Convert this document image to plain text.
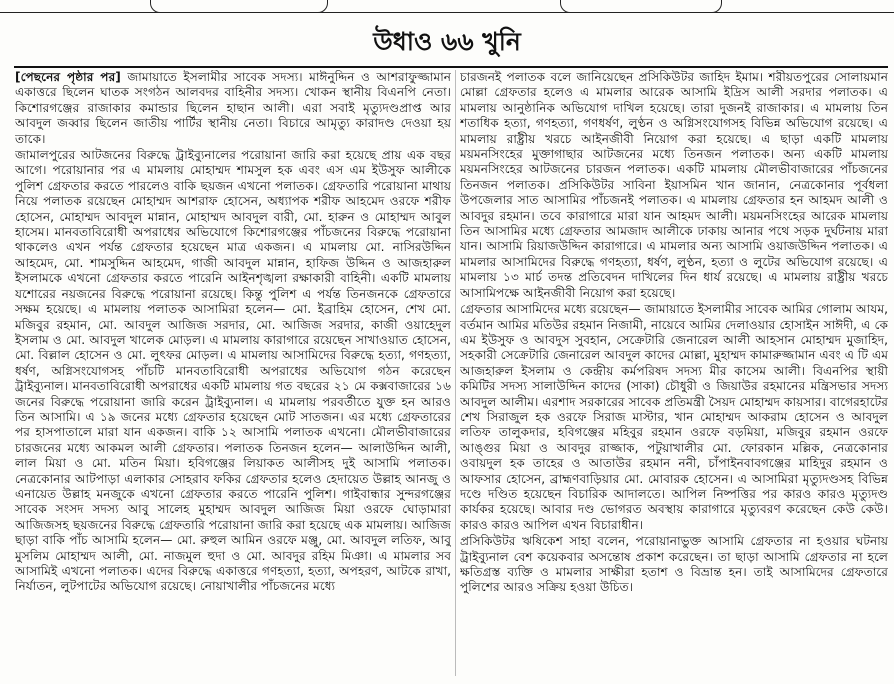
উধাও ৬৬ খুনি

[পেছনের পৃষ্ঠার পর] জামায়াতে ইসলামীর সাবেক সদস্য। মাঈনুদ্দিন ও আশরাফুজ্জামান একাত্তরে ছিলেন ঘাতক সংগঠন আলবদর বাহিনীর সদস্য। খোকন স্থানীয় বিএনপি নেতা। কিশোরগঞ্জের রাজাকার কমান্ডার ছিলেন হাছান আলী। এরা সবাই মৃত্যুদণ্ডপ্রাপ্ত আর আবদুল জব্বার ছিলেন জাতীয় পার্টির স্থানীয় নেতা। বিচারে আমৃত্যু কারাদণ্ড দেওয়া হয় তাকে।

জামালপুরের আটজনের বিরুদ্ধে ট্রাইব্যুনালের পরোয়ানা জারি করা হয়েছে প্রায় এক বছর আগে। পরোয়ানার পর এ মামলায় মোহাম্মদ শামসুল হক এবং এস এম ইউসুফ আলীকে পুলিশ গ্রেফতার করতে পারলেও বাকি ছয়জন এখনো পলাতক। গ্রেফতারি পরোয়ানা মাথায় নিয়ে পলাতক রয়েছেন মোহাম্মদ আশরাফ হোসেন, অধ্যাপক শরীফ আহমেদ ওরফে শরীফ হোসেন, মোহাম্মদ আবদুল মান্নান, মোহাম্মদ আবদুল বারী, মো. হারুন ও মোহাম্মদ আবুল হাসেম। মানবতাবিরোধী অপরাধের অভিযোগে কিশোরগঞ্জের পাঁচজনের বিরুদ্ধে পরোয়ানা থাকলেও এখন পর্যন্ত গ্রেফতার হয়েছেন মাত্র একজন। এ মামলায় মো. নাসিরউদ্দিন আহমেদ, মো. শামসুদ্দিন আহমেদ, গাজী আবদুল মান্নান, হাফিজ উদ্দিন ও আজহারুল ইসলামকে এখনো গ্রেফতার করতে পারেনি আইনশৃঙ্খলা রক্ষাকারী বাহিনী। একটি মামলায় যশোরের নয়জনের বিরুদ্ধে পরোয়ানা রয়েছে। কিন্তু পুলিশ এ পর্যন্ত তিনজনকে গ্রেফতারে সক্ষম হয়েছে। এ মামলায় পলাতক আসামিরা হলেন— মো. ইব্রাহিম হোসেন, শেখ মো. মজিবুর রহমান, মো. আবদুল আজিজ সরদার, মো. আজিজ সরদার, কাজী ওয়াহেদুল ইসলাম ও মো. আবদুল খালেক মোড়ল। এ মামলায় কারাগারে রয়েছেন সাখাওয়াত হোসেন, মো. বিল্লাল হোসেন ও মো. লুৎফর মোড়ল। এ মামলায় আসামিদের বিরুদ্ধে হত্যা, গণহত্যা, ধর্ষণ, অগ্নিসংযোগসহ পাঁচটি মানবতাবিরোধী অপরাধের অভিযোগ গঠন করেছেন ট্রাইব্যুনাল। মানবতাবিরোধী অপরাধের একটি মামলায় গত বছরের ২১ মে কক্সবাজারের ১৬ জনের বিরুদ্ধে পরোয়ানা জারি করেন ট্রাইব্যুনাল। এ মামলায় পরবর্তীতে যুক্ত হন আরও তিন আসামি। এ ১৯ জনের মধ্যে গ্রেফতার হয়েছেন মোট সাতজন। এর মধ্যে গ্রেফতারের পর হাসপাতালে মারা যান একজন। বাকি ১২ আসামি পলাতক এখনো। মৌলভীবাজারের চারজনের মধ্যে আকমল আলী গ্রেফতার। পলাতক তিনজন হলেন— আলাউদ্দিন আলী, লাল মিয়া ও মো. মতিন মিয়া। হবিগঞ্জের লিয়াকত আলীসহ দুই আসামি পলাতক। নেত্রকোনার আটপাড়া এলাকার সোহরাব ফকির গ্রেফতার হলেও হেদায়েত উল্লাহ আনজু ও এনায়েত উল্লাহ মনজুকে এখনো গ্রেফতার করতে পারেনি পুলিশ। গাইবান্ধার সুন্দরগঞ্জের সাবেক সংসদ সদস্য আবু সালেহ মুহাম্মদ আবদুল আজিজ মিয়া ওরফে ঘোড়ামারা আজিজসহ ছয়জনের বিরুদ্ধে গ্রেফতারি পরোয়ানা জারি করা হয়েছে এক মামলায়। আজিজ ছাড়া বাকি পাঁচ আসামি হলেন— মো. রুহুল আমিন ওরফে মঞ্জু, মো. আবদুল লতিফ, আবু মুসলিম মোহাম্মদ আলী, মো. নাজমুল হুদা ও মো. আবদুর রহিম মিঞা। এ মামলার সব আসামিই এখনো পলাতক। এদের বিরুদ্ধে একাত্তরে গণহত্যা, হত্যা, অপহরণ, আটকে রাখা, নির্যাতন, লুটপাটের অভিযোগ রয়েছে। নোয়াখালীর পাঁচজনের মধ্যে

চারজনই পলাতক বলে জানিয়েছেন প্রসিকিউটর জাহিদ ইমাম। শরীয়তপুরের সোলায়মান মোল্লা গ্রেফতার হলেও এ মামলার আরেক আসামি ইদ্রিস আলী সরদার পলাতক। এ মামলায় আনুষ্ঠানিক অভিযোগ দাখিল হয়েছে। তারা দুজনই রাজাকার। এ মামলায় তিন শতাধিক হত্যা, গণহত্যা, গণধর্ষণ, লুণ্ঠন ও অগ্নিসংযোগসহ বিভিন্ন অভিযোগ রয়েছে। এ মামলায় রাষ্ট্রীয় খরচে আইনজীবী নিয়োগ করা হয়েছে। এ ছাড়া একটি মামলায় ময়মনসিংহের মুক্তাগাছার আটজনের মধ্যে তিনজন পলাতক। অন্য একটি মামলায় ময়মনসিংহের আটজনের চারজন পলাতক। একটি মামলায় মৌলভীবাজারের পাঁচজনের তিনজন পলাতক। প্রসিকিউটর সাবিনা ইয়াসমিন খান জানান, নেত্রকোনার পূর্বধলা উপজেলার সাত আসামির পাঁচজনই পলাতক। এ মামলায় গ্রেফতার হন আহমদ আলী ও আবদুর রহমান। তবে কারাগারে মারা যান আহমদ আলী। ময়মনসিংহের আরেক মামলায় তিন আসামির মধ্যে গ্রেফতার আমজাদ আলীকে ঢাকায় আনার পথে সড়ক দুর্ঘটনায় মারা যান। আসামি রিয়াজউদ্দিন কারাগারে। এ মামলার অন্য আসামি ওয়াজউদ্দিন পলাতক। এ মামলার আসামিদের বিরুদ্ধে গণহত্যা, ধর্ষণ, লুণ্ঠন, হত্যা ও লুটের অভিযোগ রয়েছে। এ মামলায় ১৩ মার্চ তদন্ত প্রতিবেদন দাখিলের দিন ধার্য রয়েছে। এ মামলায় রাষ্ট্রীয় খরচে আসামিপক্ষে আইনজীবী নিয়োগ করা হয়েছে।

গ্রেফতার আসামিদের মধ্যে রয়েছেন— জামায়াতে ইসলামীর সাবেক আমির গোলাম আযম, বর্তমান আমির মতিউর রহমান নিজামী, নায়েবে আমির দেলাওয়ার হোসাইন সাঈদী, এ কে এম ইউসুফ ও আবদুস সুবহান, সেক্রেটারি জেনারেল আলী আহসান মোহাম্মদ মুজাহিদ, সহকারী সেক্রেটারি জেনারেল আবদুল কাদের মোল্লা, মুহাম্মদ কামারুজ্জামান এবং এ টি এম আজহারুল ইসলাম ও কেন্দ্রীয় কর্মপরিষদ সদস্য মীর কাসেম আলী। বিএনপির স্থায়ী কমিটির সদস্য সালাউদ্দিন কাদের (সাকা) চৌধুরী ও জিয়াউর রহমানের মন্ত্রিসভার সদস্য আবদুল আলীম। এরশাদ সরকারের সাবেক প্রতিমন্ত্রী সৈয়দ মোহাম্মদ কায়সার। বাগেরহাটের শেখ সিরাজুল হক ওরফে সিরাজ মাস্টার, খান মোহাম্মদ আকরাম হোসেন ও আবদুল লতিফ তালুকদার, হবিগঞ্জের মহিবুর রহমান ওরফে বড়মিয়া, মজিবুর রহমান ওরফে আঙ্গুর মিয়া ও আবদুর রাজ্জাক, পটুয়াখালীর মো. ফোরকান মল্লিক, নেত্রকোনার ওবায়দুল হক তাহের ও আতাউর রহমান ননী, চাঁপাইনবাবগঞ্জের মাহিদুর রহমান ও আফসার হোসেন, ব্রাহ্মণবাড়িয়ার মো. মোবারক হোসেন। এ আসামিরা মৃত্যুদণ্ডসহ বিভিন্ন দণ্ডে দণ্ডিত হয়েছেন বিচারিক আদালতে। আপিল নিষ্পত্তির পর কারও কারও মৃত্যুদণ্ড কার্যকর হয়েছে। আবার দণ্ড ভোগরত অবস্থায় কারাগারে মৃত্যুবরণ করেছেন কেউ কেউ। কারও কারও আপিল এখন বিচারাধীন।

প্রসিকিউটর ঋষিকেশ সাহা বলেন, পরোয়ানাভুক্ত আসামি গ্রেফতার না হওয়ার ঘটনায় ট্রাইব্যুনাল বেশ কয়েকবার অসন্তোষ প্রকাশ করেছেন। তা ছাড়া আসামি গ্রেফতার না হলে ক্ষতিগ্রস্ত ব্যক্তি ও মামলার সাক্ষীরা হতাশ ও বিভ্রান্ত হন। তাই আসামিদের গ্রেফতারে পুলিশের আরও সক্রিয় হওয়া উচিত।
